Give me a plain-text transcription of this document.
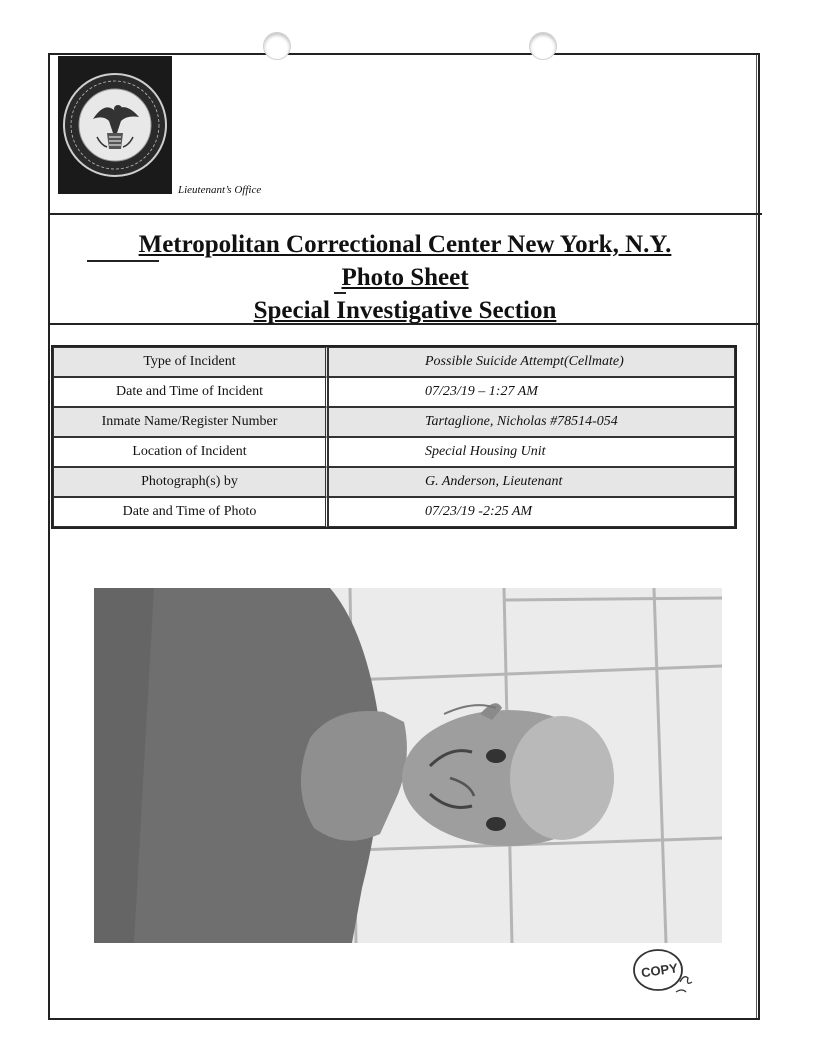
Lieutenant’s Office
Metropolitan Correctional Center New York, N.Y.
Photo Sheet
Special Investigative Section
Type of Incident	Possible Suicide Attempt(Cellmate)
Date and Time of Incident	07/23/19 – 1:27 AM
Inmate Name/Register Number	Tartaglione, Nicholas #78514-054
Location of Incident	Special Housing Unit
Photograph(s) by	G. Anderson, Lieutenant
Date and Time of Photo	07/23/19 -2:25 AM
COPY
